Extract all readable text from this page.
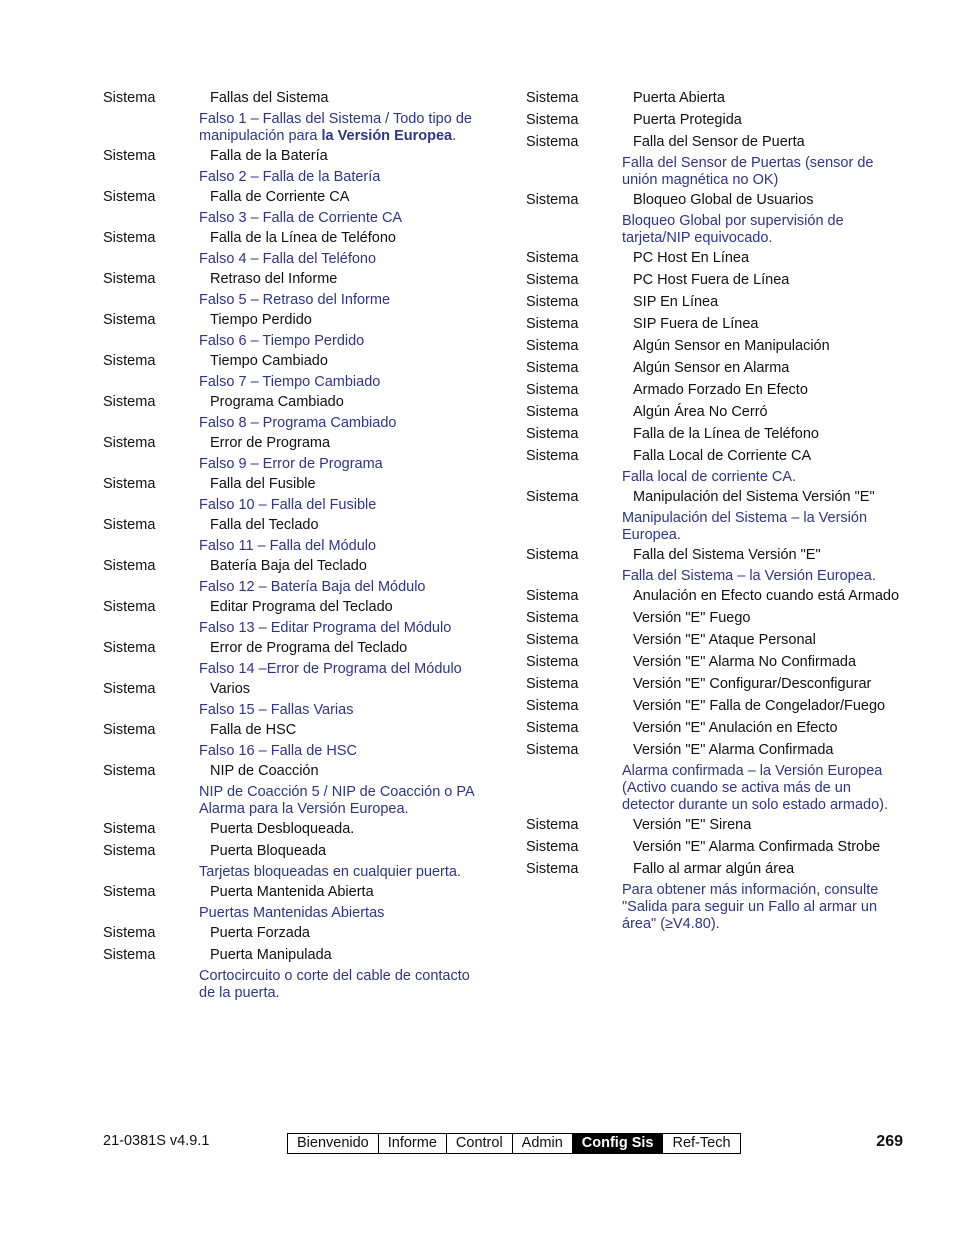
Sistema	Fallas del Sistema
Falso 1 – Fallas del Sistema / Todo tipo de manipulación para la Versión Europea.
Sistema	Falla de la Batería
Falso 2 – Falla de la Batería
Sistema	Falla de Corriente CA
Falso 3 – Falla de Corriente CA
Sistema	Falla de la Línea de Teléfono
Falso 4 – Falla del Teléfono
Sistema	Retraso del Informe
Falso 5 – Retraso del Informe
Sistema	Tiempo Perdido
Falso 6 – Tiempo Perdido
Sistema	Tiempo Cambiado
Falso 7 – Tiempo Cambiado
Sistema	Programa Cambiado
Falso 8 – Programa Cambiado
Sistema	Error de Programa
Falso 9 – Error de Programa
Sistema	Falla del Fusible
Falso 10 – Falla del Fusible
Sistema	Falla del Teclado
Falso 11 – Falla del Módulo
Sistema	Batería Baja del Teclado
Falso 12 – Batería Baja del Módulo
Sistema	Editar Programa del Teclado
Falso 13 – Editar Programa del Módulo
Sistema	Error de Programa del Teclado
Falso 14 –Error de Programa del Módulo
Sistema	Varios
Falso 15 – Fallas Varias
Sistema	Falla de HSC
Falso 16 – Falla de HSC
Sistema	NIP de Coacción
NIP de Coacción 5 / NIP de Coacción o PA Alarma para la Versión Europea.
Sistema	Puerta Desbloqueada.
Sistema	Puerta Bloqueada
Tarjetas bloqueadas en cualquier puerta.
Sistema	Puerta Mantenida Abierta
Puertas Mantenidas Abiertas
Sistema	Puerta Forzada
Sistema	Puerta Manipulada
Cortocircuito o corte del cable de contacto de la puerta.
Sistema	Puerta Abierta
Sistema	Puerta Protegida
Sistema	Falla del Sensor de Puerta
Falla del Sensor de Puertas (sensor de unión magnética no OK)
Sistema	Bloqueo Global de Usuarios
Bloqueo Global por supervisión de tarjeta/NIP equivocado.
Sistema	PC Host En Línea
Sistema	PC Host Fuera de Línea
Sistema	SIP En Línea
Sistema	SIP Fuera de Línea
Sistema	Algún Sensor en Manipulación
Sistema	Algún Sensor en Alarma
Sistema	Armado Forzado En Efecto
Sistema	Algún Área No Cerró
Sistema	Falla de la Línea de Teléfono
Sistema	Falla Local de Corriente CA
Falla local de corriente CA.
Sistema	Manipulación del Sistema Versión "E"
Manipulación del Sistema – la Versión Europea.
Sistema	Falla del Sistema Versión "E"
Falla del Sistema – la Versión Europea.
Sistema	Anulación en Efecto cuando está Armado
Sistema	Versión "E" Fuego
Sistema	Versión "E" Ataque Personal
Sistema	Versión "E" Alarma No Confirmada
Sistema	Versión "E" Configurar/Desconfigurar
Sistema	Versión "E" Falla de Congelador/Fuego
Sistema	Versión "E" Anulación en Efecto
Sistema	Versión "E" Alarma Confirmada
Alarma confirmada – la Versión Europea (Activo cuando se activa más de un detector durante un solo estado armado).
Sistema	Versión "E" Sirena
Sistema	Versión "E" Alarma Confirmada Strobe
Sistema	Fallo al armar algún área
Para obtener más información, consulte "Salida para seguir un Fallo al armar un área" (≥V4.80).
21-0381S v4.9.1	Bienvenido	Informe	Control	Admin	Config Sis	Ref-Tech	269
